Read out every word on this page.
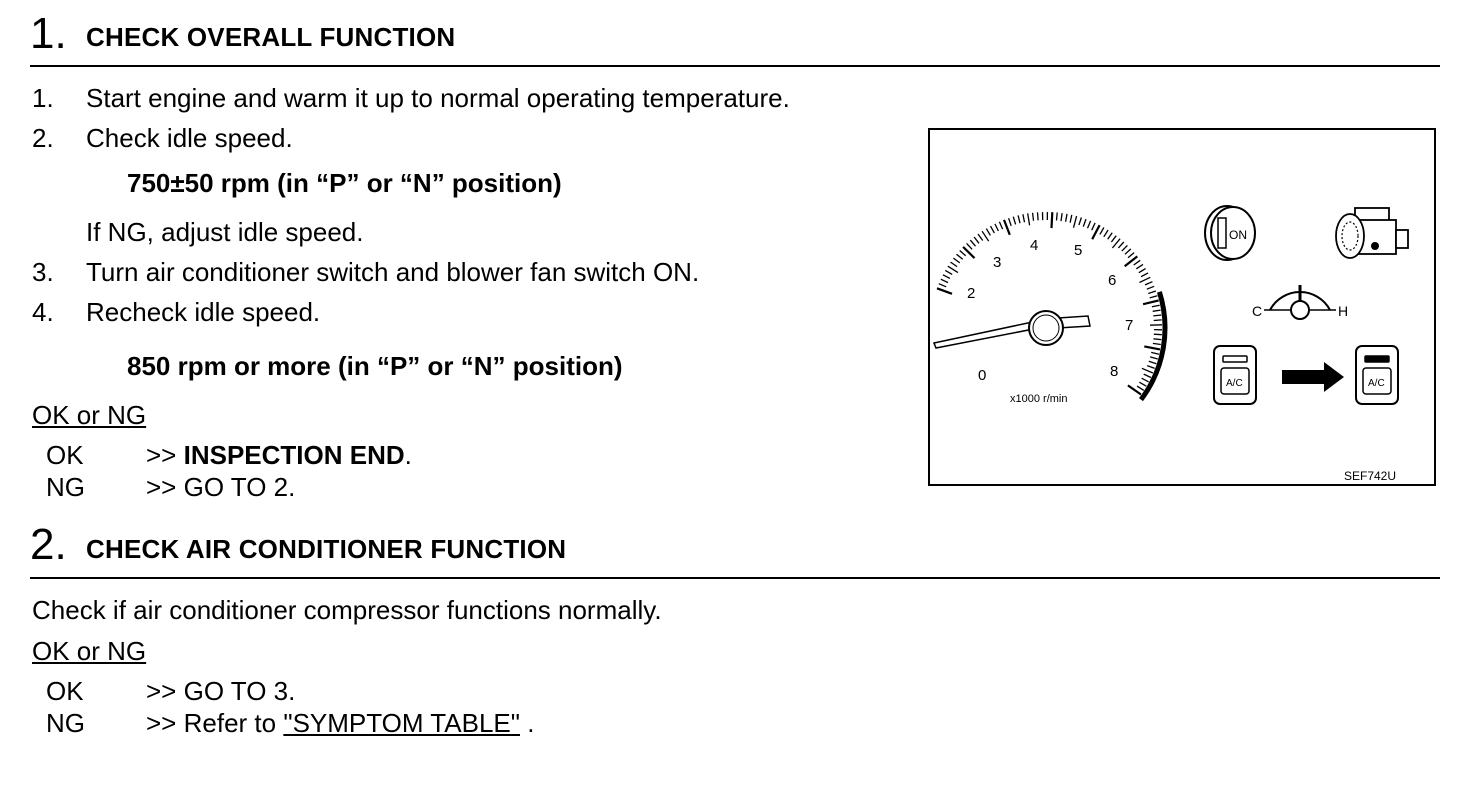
1. CHECK OVERALL FUNCTION
1. Start engine and warm it up to normal operating temperature.
2. Check idle speed.
750±50 rpm (in “P” or “N” position)
If NG, adjust idle speed.
3. Turn air conditioner switch and blower fan switch ON.
4. Recheck idle speed.
850 rpm or more (in “P” or “N” position)
OK or NG
OK >> INSPECTION END.
NG >> GO TO 2.
0
2
3
4 5
6
7
8
x1000 r/min
ON
C	H
A/C	A/C
SEF742U
2. CHECK AIR CONDITIONER FUNCTION
Check if air conditioner compressor functions normally.
OK or NG
OK >> GO TO 3.
NG >> Refer to "SYMPTOM TABLE" .
